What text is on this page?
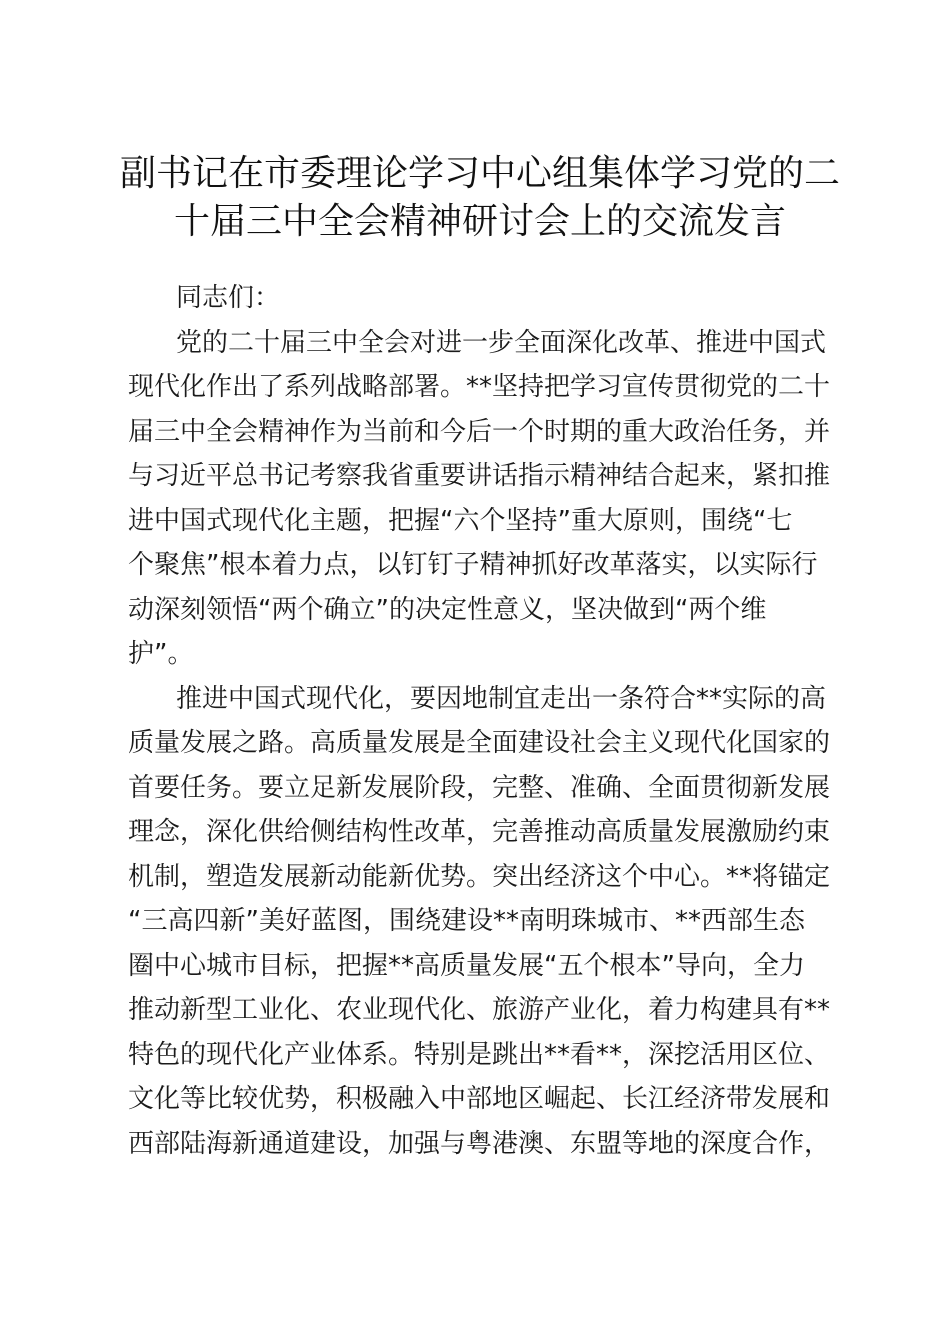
副书记在市委理论学习中心组集体学习党的二
十届三中全会精神研讨会上的交流发言
同志们：
党的二十届三中全会对进一步全面深化改革、推进中国式
现代化作出了系列战略部署。**坚持把学习宣传贯彻党的二十
届三中全会精神作为当前和今后一个时期的重大政治任务，并
与习近平总书记考察我省重要讲话指示精神结合起来，紧扣推
进中国式现代化主题，把握“六个坚持”重大原则，围绕“七
个聚焦”根本着力点，以钉钉子精神抓好改革落实，以实际行
动深刻领悟“两个确立”的决定性意义，坚决做到“两个维
护”。
推进中国式现代化，要因地制宜走出一条符合**实际的高
质量发展之路。高质量发展是全面建设社会主义现代化国家的
首要任务。要立足新发展阶段，完整、准确、全面贯彻新发展
理念，深化供给侧结构性改革，完善推动高质量发展激励约束
机制，塑造发展新动能新优势。突出经济这个中心。**将锚定
“三高四新”美好蓝图，围绕建设**南明珠城市、**西部生态
圈中心城市目标，把握**高质量发展“五个根本”导向，全力
推动新型工业化、农业现代化、旅游产业化，着力构建具有**
特色的现代化产业体系。特别是跳出**看**，深挖活用区位、
文化等比较优势，积极融入中部地区崛起、长江经济带发展和
西部陆海新通道建设，加强与粤港澳、东盟等地的深度合作，
